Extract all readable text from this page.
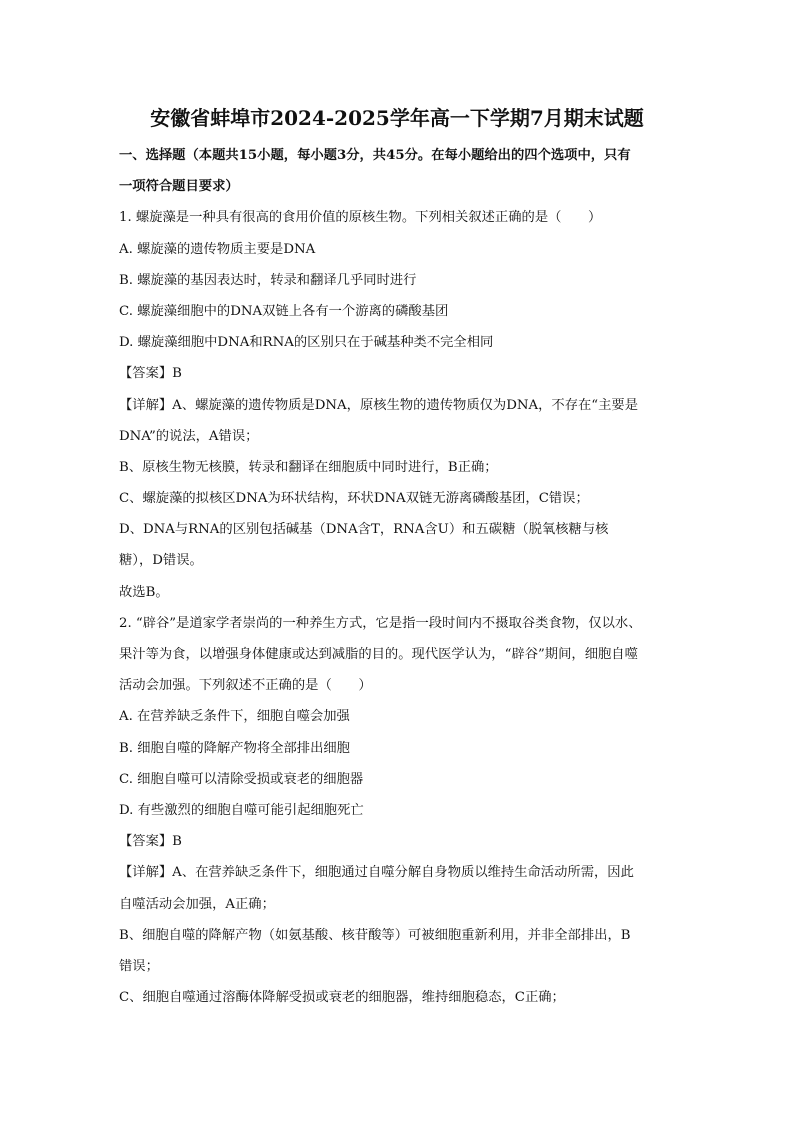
安徽省蚌埠市2024-2025学年高一下学期7月期末试题
一、选择题（本题共15小题，每小题3分，共45分。在每小题给出的四个选项中，只有
一项符合题目要求）
1. 螺旋藻是一种具有很高的食用价值的原核生物。下列相关叙述正确的是（　　）
A. 螺旋藻的遗传物质主要是DNA
B. 螺旋藻的基因表达时，转录和翻译几乎同时进行
C. 螺旋藻细胞中的DNA双链上各有一个游离的磷酸基团
D. 螺旋藻细胞中DNA和RNA的区别只在于碱基种类不完全相同
【答案】B
【详解】A、螺旋藻的遗传物质是DNA，原核生物的遗传物质仅为DNA，不存在“主要是
DNA”的说法，A错误；
B、原核生物无核膜，转录和翻译在细胞质中同时进行，B正确；
C、螺旋藻的拟核区DNA为环状结构，环状DNA双链无游离磷酸基团，C错误；
D、DNA与RNA的区别包括碱基（DNA含T，RNA含U）和五碳糖（脱氧核糖与核
糖），D错误。
故选B。
2. “辟谷”是道家学者崇尚的一种养生方式，它是指一段时间内不摄取谷类食物，仅以水、
果汁等为食，以增强身体健康或达到减脂的目的。现代医学认为，“辟谷”期间，细胞自噬
活动会加强。下列叙述不正确的是（　　）
A. 在营养缺乏条件下，细胞自噬会加强
B. 细胞自噬的降解产物将全部排出细胞
C. 细胞自噬可以清除受损或衰老的细胞器
D. 有些激烈的细胞自噬可能引起细胞死亡
【答案】B
【详解】A、在营养缺乏条件下，细胞通过自噬分解自身物质以维持生命活动所需，因此
自噬活动会加强，A正确；
B、细胞自噬的降解产物（如氨基酸、核苷酸等）可被细胞重新利用，并非全部排出，B
错误；
C、细胞自噬通过溶酶体降解受损或衰老的细胞器，维持细胞稳态，C正确；
